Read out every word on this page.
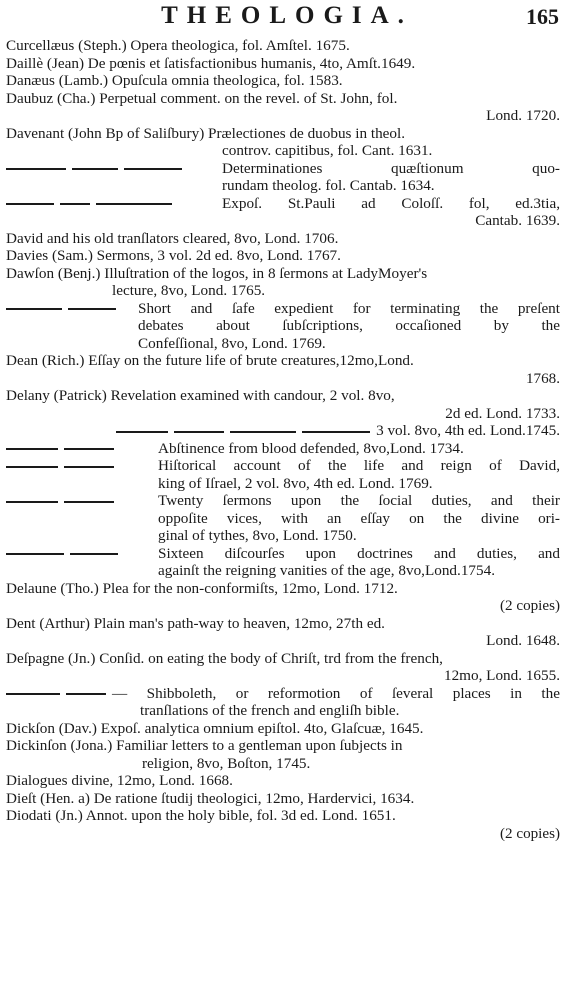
THEOLOGIA.	165
Curcellæus (Steph.) Opera theologica, fol. Amſtel. 1675.
Daillè (Jean) De pœnis et ſatisfactionibus humanis, 4to, Amſt.1649.
Danæus (Lamb.) Opuſcula omnia theologica, fol. 1583.
Daubuz (Cha.) Perpetual comment. on the revel. of St. John, fol.
Lond. 1720.
Davenant (John Bp of Saliſbury) Prælectiones de duobus in theol.
controv. capitibus, fol. Cant. 1631.
Determinationes quæſtionum quo-
rundam theolog. fol. Cantab. 1634.
Expoſ. St.Pauli ad Coloſſ. fol, ed.3tia,
Cantab. 1639.
David and his old tranſlators cleared, 8vo, Lond. 1706.
Davies (Sam.) Sermons, 3 vol. 2d ed. 8vo, Lond. 1767.
Dawſon (Benj.) Illuſtration of the logos, in 8 ſermons at LadyMoyer's
lecture, 8vo, Lond. 1765.
Short and ſafe expedient for terminating the preſent
debates about ſubſcriptions, occaſioned by the
Confeſſional, 8vo, Lond. 1769.
Dean (Rich.) Eſſay on the future life of brute creatures,12mo,Lond.
1768.
Delany (Patrick) Revelation examined with candour, 2 vol. 8vo,
2d ed. Lond. 1733.
3 vol. 8vo, 4th ed. Lond.1745.
Abſtinence from blood defended, 8vo,Lond. 1734.
Hiſtorical account of the life and reign of David,
king of Iſrael, 2 vol. 8vo, 4th ed. Lond. 1769.
Twenty ſermons upon the ſocial duties, and their
oppoſite vices, with an eſſay on the divine ori-
ginal of tythes, 8vo, Lond. 1750.
Sixteen diſcourſes upon doctrines and duties, and
againſt the reigning vanities of the age, 8vo,Lond.1754.
Delaune (Tho.) Plea for the non-conformiſts, 12mo, Lond. 1712.
(2 copies)
Dent (Arthur) Plain man's path-way to heaven, 12mo, 27th ed.
Lond. 1648.
Deſpagne (Jn.) Conſid. on eating the body of Chriſt, trd from the french,
12mo, Lond. 1655.
— Shibboleth, or reformotion of ſeveral places in the
tranſlations of the french and engliſh bible.
Dickſon (Dav.) Expoſ. analytica omnium epiſtol. 4to, Glaſcuæ, 1645.
Dickinſon (Jona.) Familiar letters to a gentleman upon ſubjects in
religion, 8vo, Boſton, 1745.
Dialogues divine, 12mo, Lond. 1668.
Dieſt (Hen. a) De ratione ſtudij theologici, 12mo, Hardervici, 1634.
Diodati (Jn.) Annot. upon the holy bible, fol. 3d ed. Lond. 1651.
(2 copies)
